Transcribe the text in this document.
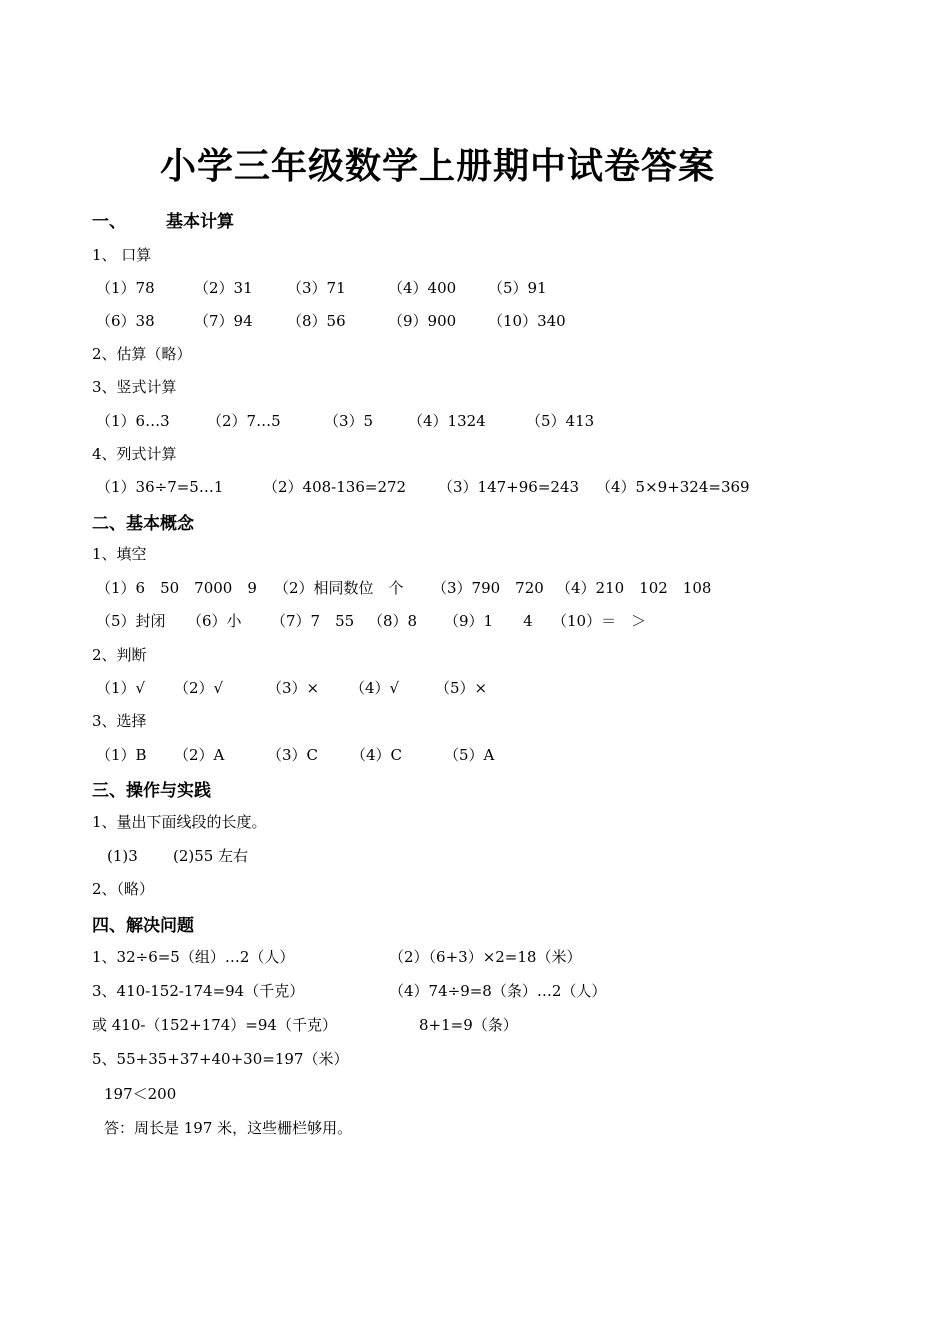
小学三年级数学上册期中试卷答案
一、 基本计算
1、 口算
（1）78	（2）31 （3）71	（4）400 （5）91
（6）38	（7）94 （8）56	（9）900 （10）340
2、估算（略）
3、竖式计算
（1）6…3 （2）7…5	（3）5 （4）1324	（5）413
4、列式计算
（1）36÷7=5…1	（2）408-136=272 （3）147+96=243 （4）5×9+324=369
二、基本概念
1、填空
（1）6　50　7000　9 （2）相同数位　个 （3）790　720 （4）210　102　108
（5）封闭 （6）小 （7）7　55 （8）8 （9）1　　4 （10）＝　＞
2、判断
（1）√ （2）√	（3）× （4）√ （5）×
3、选择
（1）B （2）A	（3）C （4）C	（5）A
三、操作与实践
1、量出下面线段的长度。
(1)3 (2)55 左右
2、（略）
四、解决问题
1、32÷6=5（组）…2（人）	（2）（6+3）×2=18（米）
3、410-152-174=94（千克）	（4）74÷9=8（条）…2（人）
或 410-（152+174）=94（千克）	8+1=9（条）
5、55+35+37+40+30=197（米）
197＜200
答：周长是 197 米，这些栅栏够用。
